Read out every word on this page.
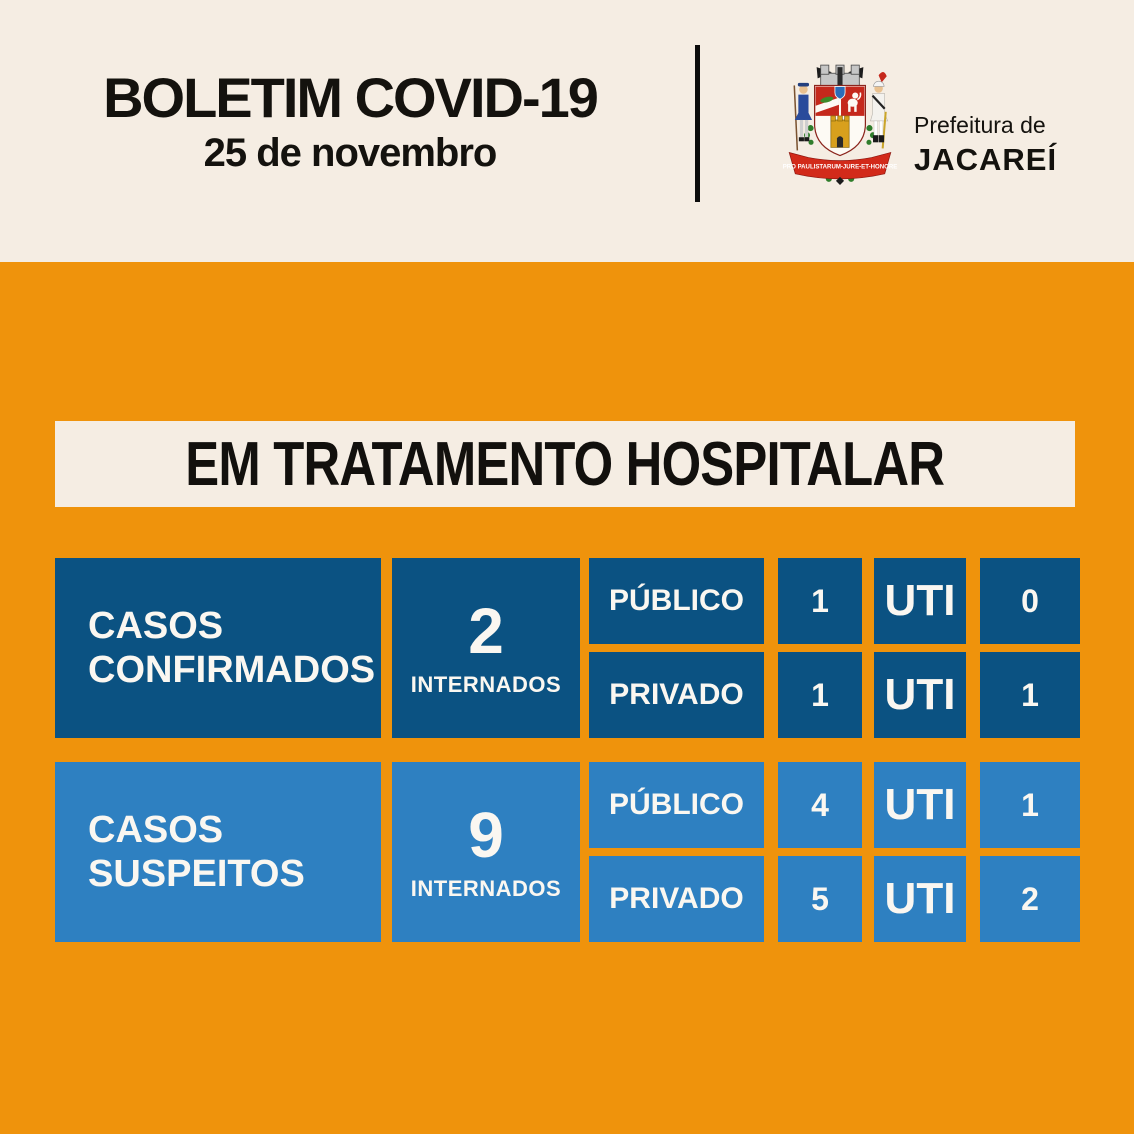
BOLETIM COVID-19
25 de novembro	PRO PAULISTARUM-JURE-ET-HONORE
Prefeitura de
JACAREÍ
EM TRATAMENTO HOSPITALAR
CASOS
CONFIRMADOS
2
INTERNADOS
PÚBLICO 1 UTI 0
PRIVADO 1 UTI 1
CASOS
SUSPEITOS
9
INTERNADOS
PÚBLICO 4 UTI 1
PRIVADO 5 UTI 2
